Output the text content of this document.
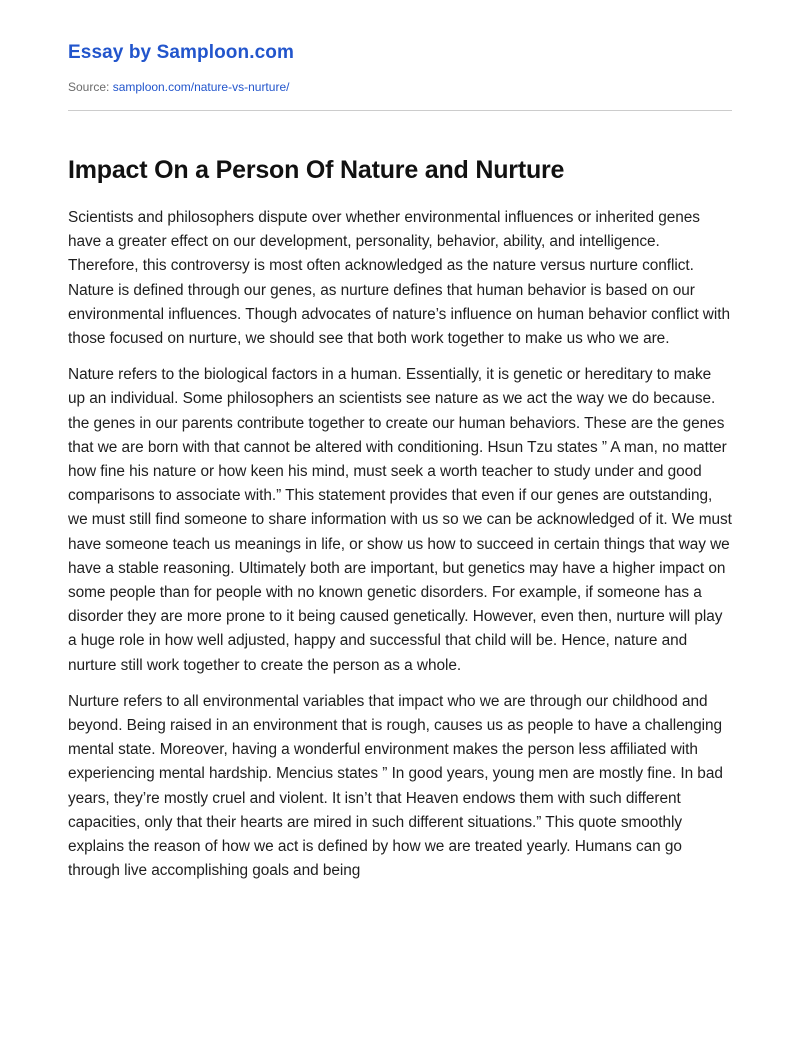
Essay by Samploon.com
Source: samploon.com/nature-vs-nurture/
Impact On a Person Of Nature and Nurture

Scientists and philosophers dispute over whether environmental influences or inherited genes have a greater effect on our development, personality, behavior, ability, and intelligence. Therefore, this controversy is most often acknowledged as the nature versus nurture conflict. Nature is defined through our genes, as nurture defines that human behavior is based on our environmental influences. Though advocates of nature’s influence on human behavior conflict with those focused on nurture, we should see that both work together to make us who we are.

Nature refers to the biological factors in a human. Essentially, it is genetic or hereditary to make up an individual. Some philosophers an scientists see nature as we act the way we do because. the genes in our parents contribute together to create our human behaviors. These are the genes that we are born with that cannot be altered with conditioning. Hsun Tzu states ” A man, no matter how fine his nature or how keen his mind, must seek a worth teacher to study under and good comparisons to associate with.” This statement provides that even if our genes are outstanding, we must still find someone to share information with us so we can be acknowledged of it. We must have someone teach us meanings in life, or show us how to succeed in certain things that way we have a stable reasoning. Ultimately both are important, but genetics may have a higher impact on some people than for people with no known genetic disorders. For example, if someone has a disorder they are more prone to it being caused genetically. However, even then, nurture will play a huge role in how well adjusted, happy and successful that child will be. Hence, nature and nurture still work together to create the person as a whole.

Nurture refers to all environmental variables that impact who we are through our childhood and beyond. Being raised in an environment that is rough, causes us as people to have a challenging mental state. Moreover, having a wonderful environment makes the person less affiliated with experiencing mental hardship. Mencius states ” In good years, young men are mostly fine. In bad years, they’re mostly cruel and violent. It isn’t that Heaven endows them with such different capacities, only that their hearts are mired in such different situations.” This quote smoothly explains the reason of how we act is defined by how we are treated yearly. Humans can go through live accomplishing goals and being
